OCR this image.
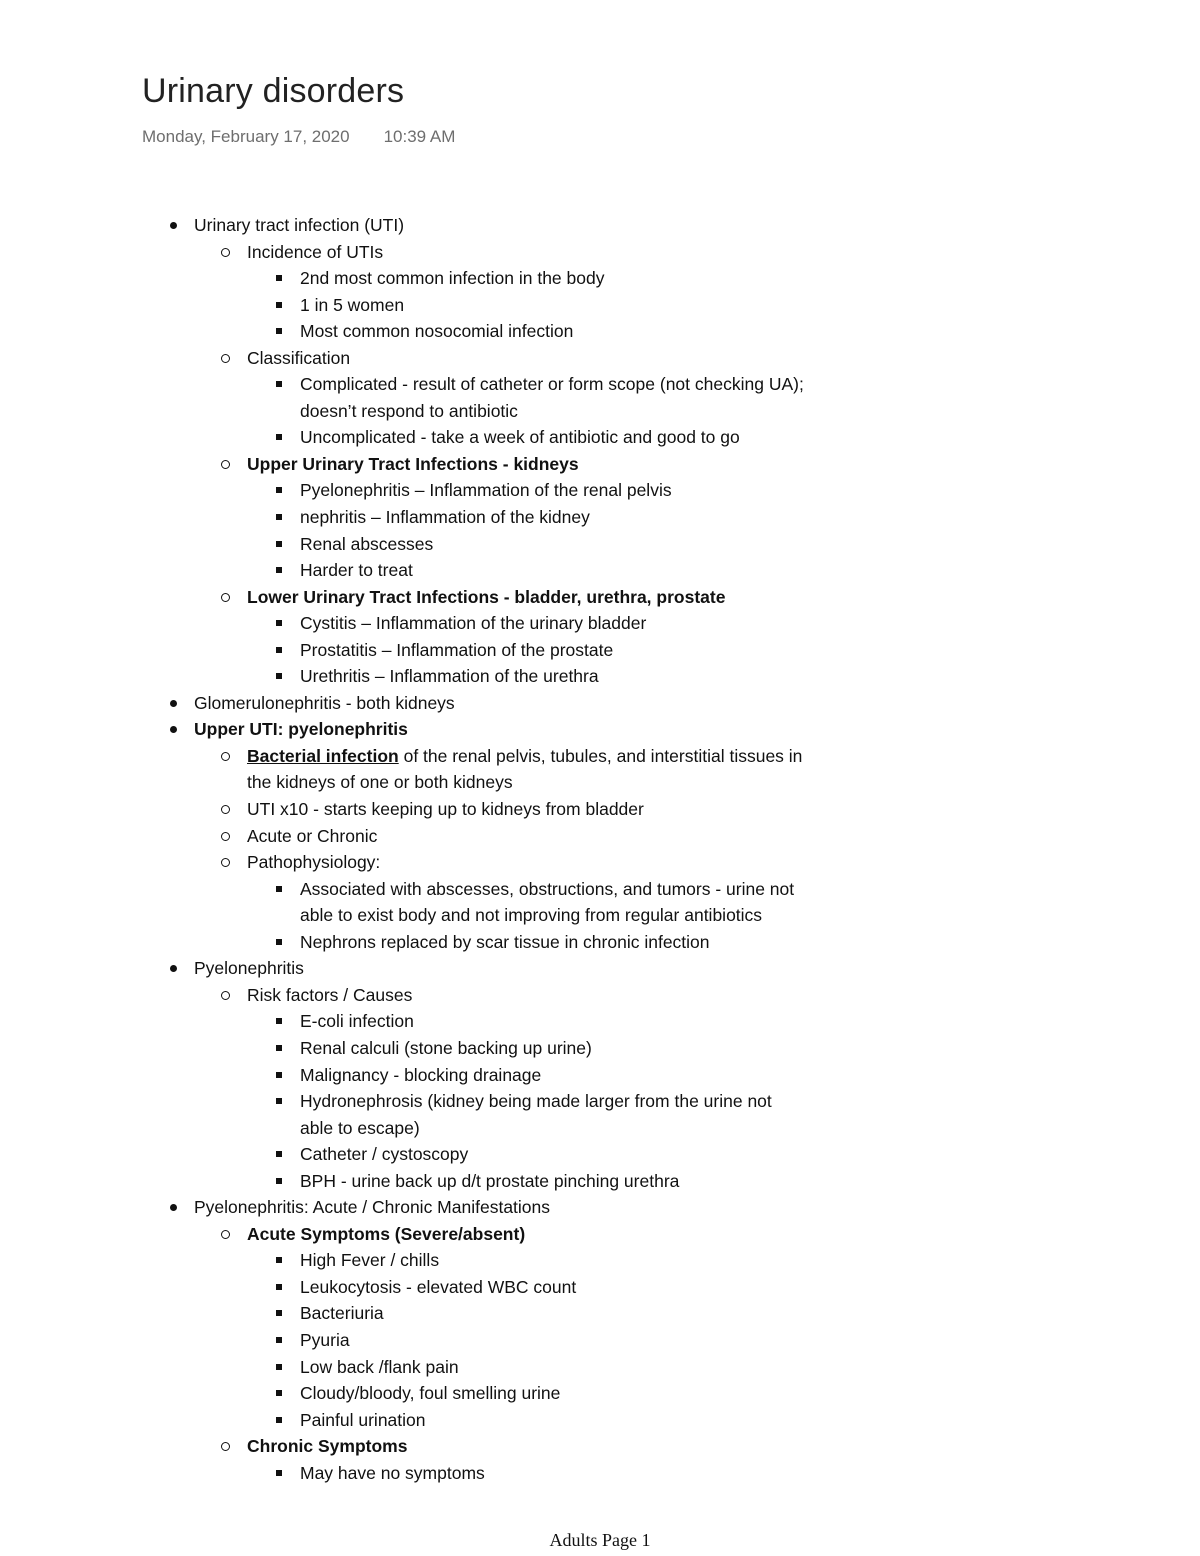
Urinary disorders
Monday, February 17, 2020 10:39 AM
Urinary tract infection (UTI)
Incidence of UTIs
2nd most common infection in the body
1 in 5 women
Most common nosocomial infection
Classification
Complicated - result of catheter or form scope (not checking UA);
doesn’t respond to antibiotic
Uncomplicated - take a week of antibiotic and good to go
Upper Urinary Tract Infections - kidneys
Pyelonephritis – Inflammation of the renal pelvis
nephritis – Inflammation of the kidney
Renal abscesses
Harder to treat
Lower Urinary Tract Infections - bladder, urethra, prostate
Cystitis – Inflammation of the urinary bladder
Prostatitis – Inflammation of the prostate
Urethritis – Inflammation of the urethra
Glomerulonephritis - both kidneys
Upper UTI: pyelonephritis
Bacterial infection of the renal pelvis, tubules, and interstitial tissues in
the kidneys of one or both kidneys
UTI x10 - starts keeping up to kidneys from bladder
Acute or Chronic
Pathophysiology:
Associated with abscesses, obstructions, and tumors - urine not
able to exist body and not improving from regular antibiotics
Nephrons replaced by scar tissue in chronic infection
Pyelonephritis
Risk factors / Causes
E-coli infection
Renal calculi (stone backing up urine)
Malignancy - blocking drainage
Hydronephrosis (kidney being made larger from the urine not
able to escape)
Catheter / cystoscopy
BPH - urine back up d/t prostate pinching urethra
Pyelonephritis: Acute / Chronic Manifestations
Acute Symptoms (Severe/absent)
High Fever / chills
Leukocytosis - elevated WBC count
Bacteriuria
Pyuria
Low back /flank pain
Cloudy/bloody, foul smelling urine
Painful urination
Chronic Symptoms
May have no symptoms
Adults Page 1
